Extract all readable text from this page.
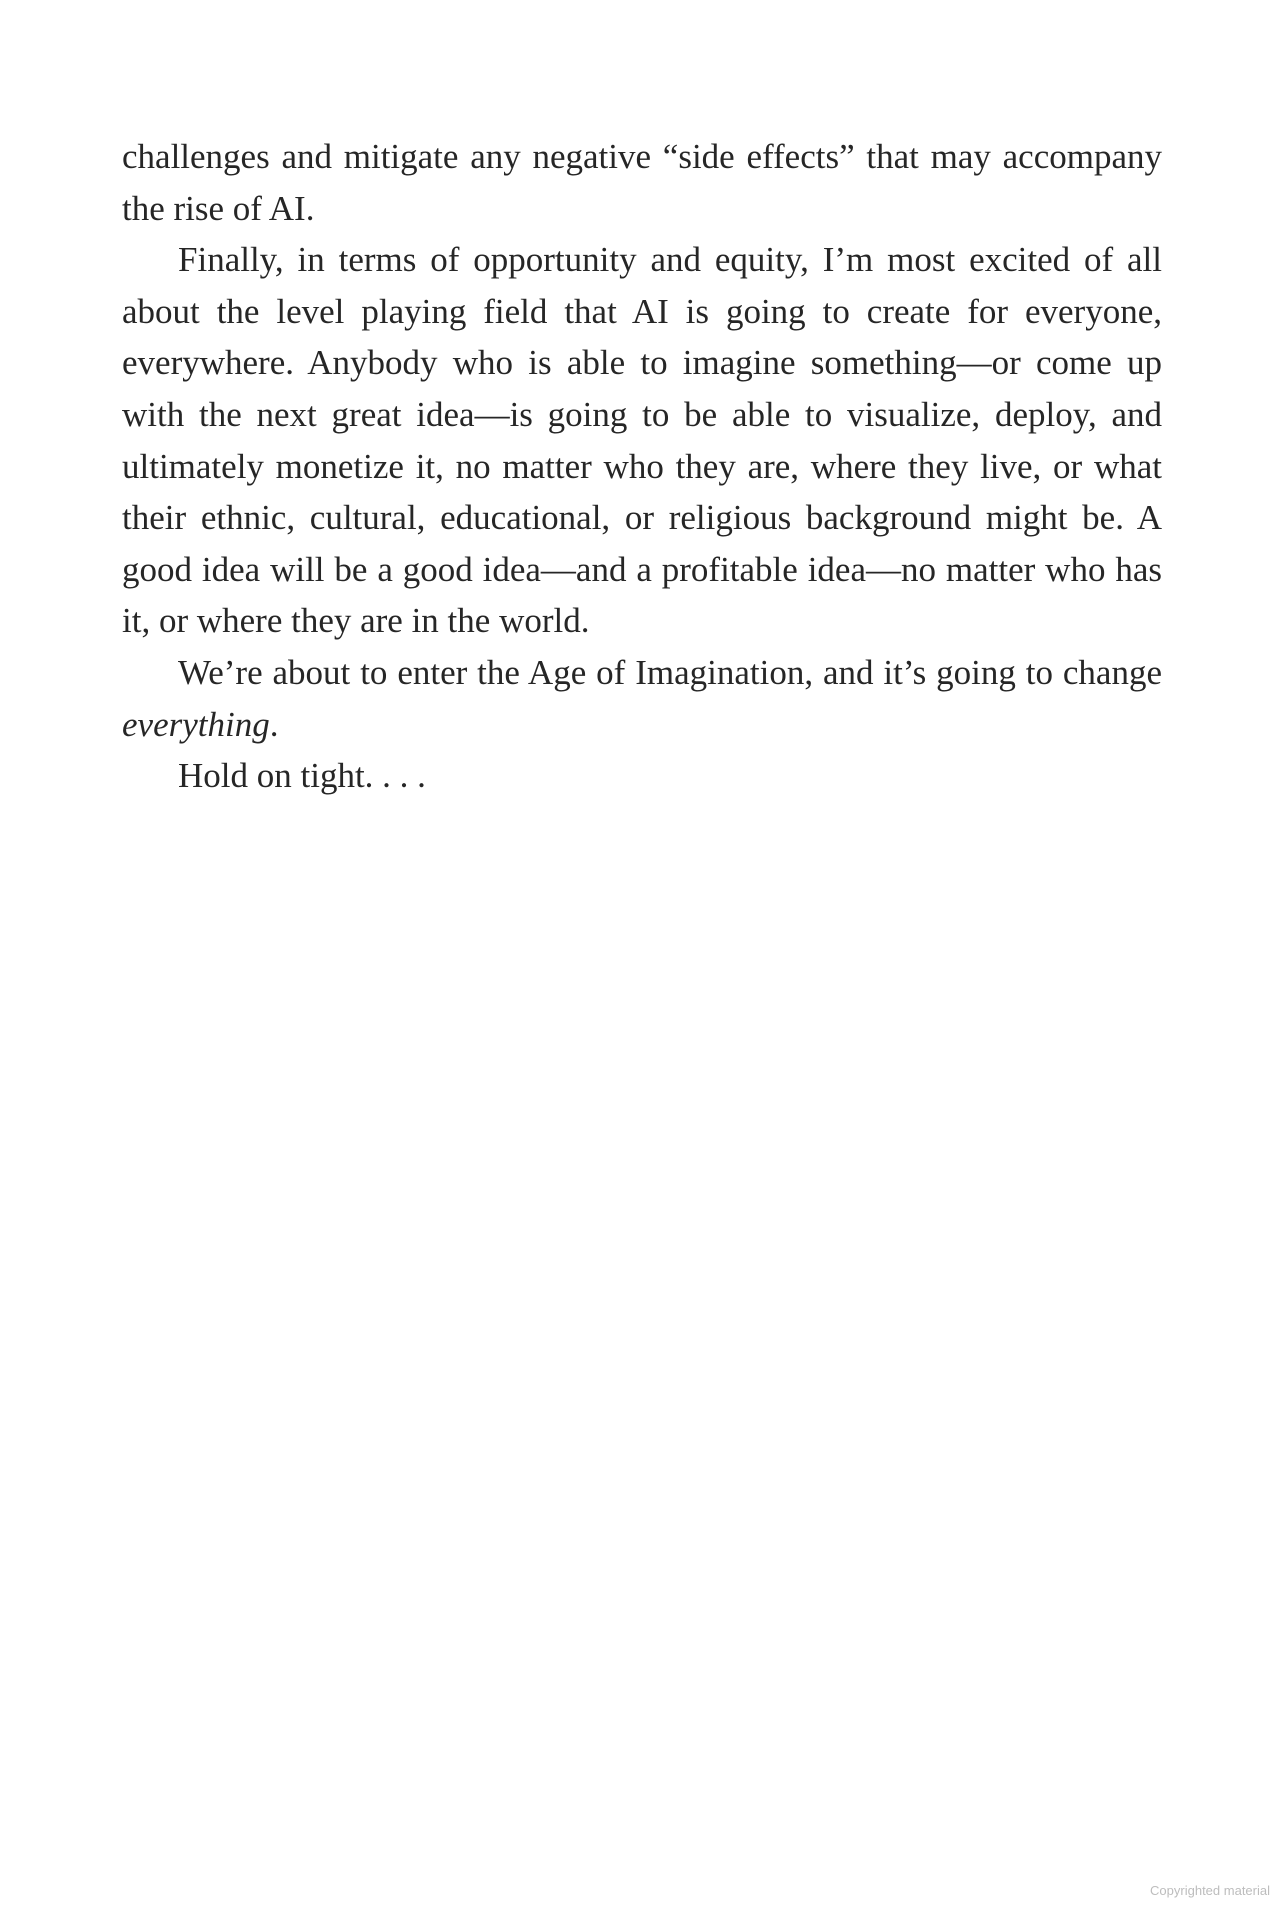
challenges and mitigate any negative “side effects” that may accompany the rise of AI.

Finally, in terms of opportunity and equity, I’m most excited of all about the level playing field that AI is going to create for everyone, everywhere. Anybody who is able to imagine something—or come up with the next great idea—is going to be able to visualize, deploy, and ultimately monetize it, no matter who they are, where they live, or what their ethnic, cultural, educational, or religious background might be. A good idea will be a good idea—and a profitable idea—no matter who has it, or where they are in the world.

We’re about to enter the Age of Imagination, and it’s going to change everything.

Hold on tight. . . .

Copyrighted material
